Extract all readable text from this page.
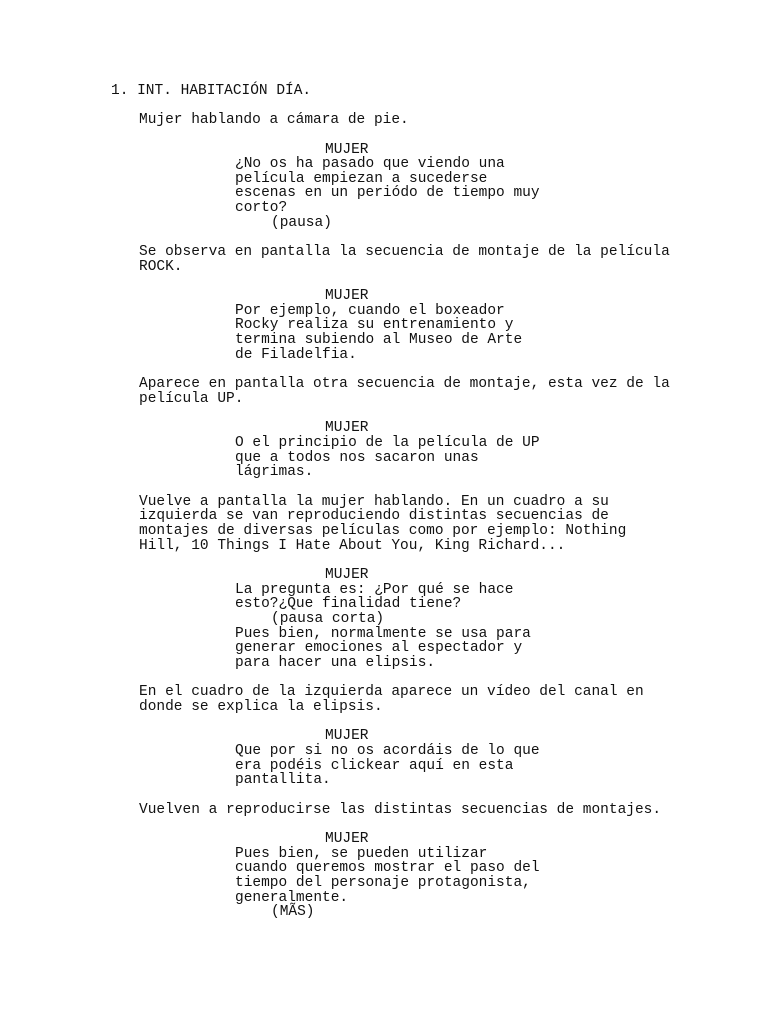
1. INT. HABITACIÓN DÍA.
Mujer hablando a cámara de pie.
MUJER
¿No os ha pasado que viendo una
película empiezan a sucederse
escenas en un periódo de tiempo muy
corto?
(pausa)
Se observa en pantalla la secuencia de montaje de la película
ROCK.
MUJER
Por ejemplo, cuando el boxeador
Rocky realiza su entrenamiento y
termina subiendo al Museo de Arte
de Filadelfia.
Aparece en pantalla otra secuencia de montaje, esta vez de la
película UP.
MUJER
O el principio de la película de UP
que a todos nos sacaron unas
lágrimas.
Vuelve a pantalla la mujer hablando. En un cuadro a su
izquierda se van reproduciendo distintas secuencias de
montajes de diversas películas como por ejemplo: Nothing
Hill, 10 Things I Hate About You, King Richard...
MUJER
La pregunta es: ¿Por qué se hace
esto?¿Que finalidad tiene?
(pausa corta)
Pues bien, normalmente se usa para
generar emociones al espectador y
para hacer una elipsis.
En el cuadro de la izquierda aparece un vídeo del canal en
donde se explica la elipsis.
MUJER
Que por si no os acordáis de lo que
era podéis clickear aquí en esta
pantallita.
Vuelven a reproducirse las distintas secuencias de montajes.
MUJER
Pues bien, se pueden utilizar
cuando queremos mostrar el paso del
tiempo del personaje protagonista,
generalmente.
(MÃS)
